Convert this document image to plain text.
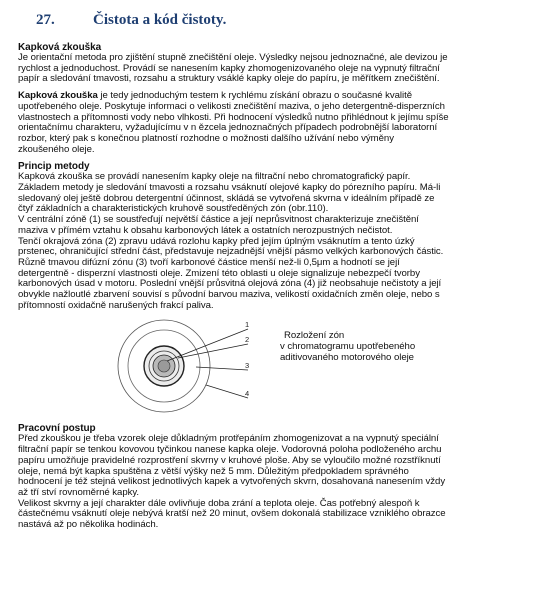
27.	Čistota a kód čistoty.

Kapková zkouška

Je orientační metoda pro zjištění stupně znečištění oleje. Výsledky nejsou jednoznačné, ale devizou je
rychlost a jednoduchost. Provádí se nanesením kapky zhomogenizovaného oleje na vypnutý filtrační
papír a sledování tmavosti, rozsahu a struktury vsáklé kapky oleje do papíru, je měřítkem znečištění.
Kapková zkouška je tedy jednoduchým testem k rychlému získání obrazu o současné kvalitě
upotřebeného oleje. Poskytuje informaci o velikosti znečištění maziva, o jeho detergentně-disperzních
vlastnostech a přítomnosti vody nebo vlhkosti. Při hodnocení výsledků nutno přihlédnout k jejímu spíše
orientačnímu charakteru, vyžadujícímu v n ězcela jednoznačných případech podrobnější laboratorní
rozbor, který pak s konečnou platností rozhodne o možnosti dalšího užívání nebo výměny
zkoušeného oleje.

Princip metody

Kapková zkouška se provádí nanesením kapky oleje na filtrační nebo chromatografický papír.
Základem metody je sledování tmavosti a rozsahu vsáknutí olejové kapky do pórezního papíru. Má-li
sledovaný olej ještě dobrou detergentní účinnost, skládá se vytvořená skvrna v ideálním případě ze
čtyř základních a charakteristických kruhově soustředěných zón (obr.110).
V centrální zóně (1) se soustřeďují největší částice a její neprůsvitnost charakterizuje znečištění
maziva v přímém vztahu k obsahu karbonových látek a ostatních nerozpustných nečistot.
Tenčí okrajová zóna (2) zpravu udává rozlohu kapky před jejím úplným vsáknutím a tento úzký
prstenec, ohraničující střední část, představuje nejzadnější vnější pásmo velkých karbonových částic.
Různě tmavou difúzní zónu (3) tvoří karbonové částice menší než-li 0,5μm a hodnotí se její
detergentně - disperzní vlastnosti oleje. Zmizení této oblasti u oleje signalizuje nebezpečí tvorby
karbonových úsad v motoru. Poslední vnější průsvitná olejová zóna (4) již neobsahuje nečistoty a její
obvykle nažloutlé zbarvení souvisí s původní barvou maziva, velikostí oxidačních změn oleje, nebo s
přítomností oxidačně narušených frakcí paliva.
1
2
3
4
Rozložení zón
v chromatogramu upotřebeného
aditivovaného motorového oleje

Pracovní postup

Před zkouškou je třeba vzorek oleje důkladným protřepáním zhomogenizovat a na vypnutý speciální
filtrační papír se tenkou kovovou tyčinkou nanese kapka oleje. Vodorovná poloha podloženého archu
papíru umožňuje pravidelné rozprostření skvrny v kruhové ploše. Aby se vyloučilo možné rozstříknutí
oleje, nemá být kapka spuštěna z větší výšky než 5 mm. Důležitým předpokladem správného
hodnocení je též stejná velikost jednotlivých kapek a vytvořených skvrn, dosahovaná nanesením vždy
až tří ství rovnoměrné kapky.
Velikost skvrny a její charakter dále ovlivňuje doba zrání a teplota oleje. Čas potřebný alespoň k
částečnému vsáknutí oleje nebývá kratší než 20 minut, ovšem dokonalá stabilizace vzniklého obrazce
nastává až po několika hodinách.
